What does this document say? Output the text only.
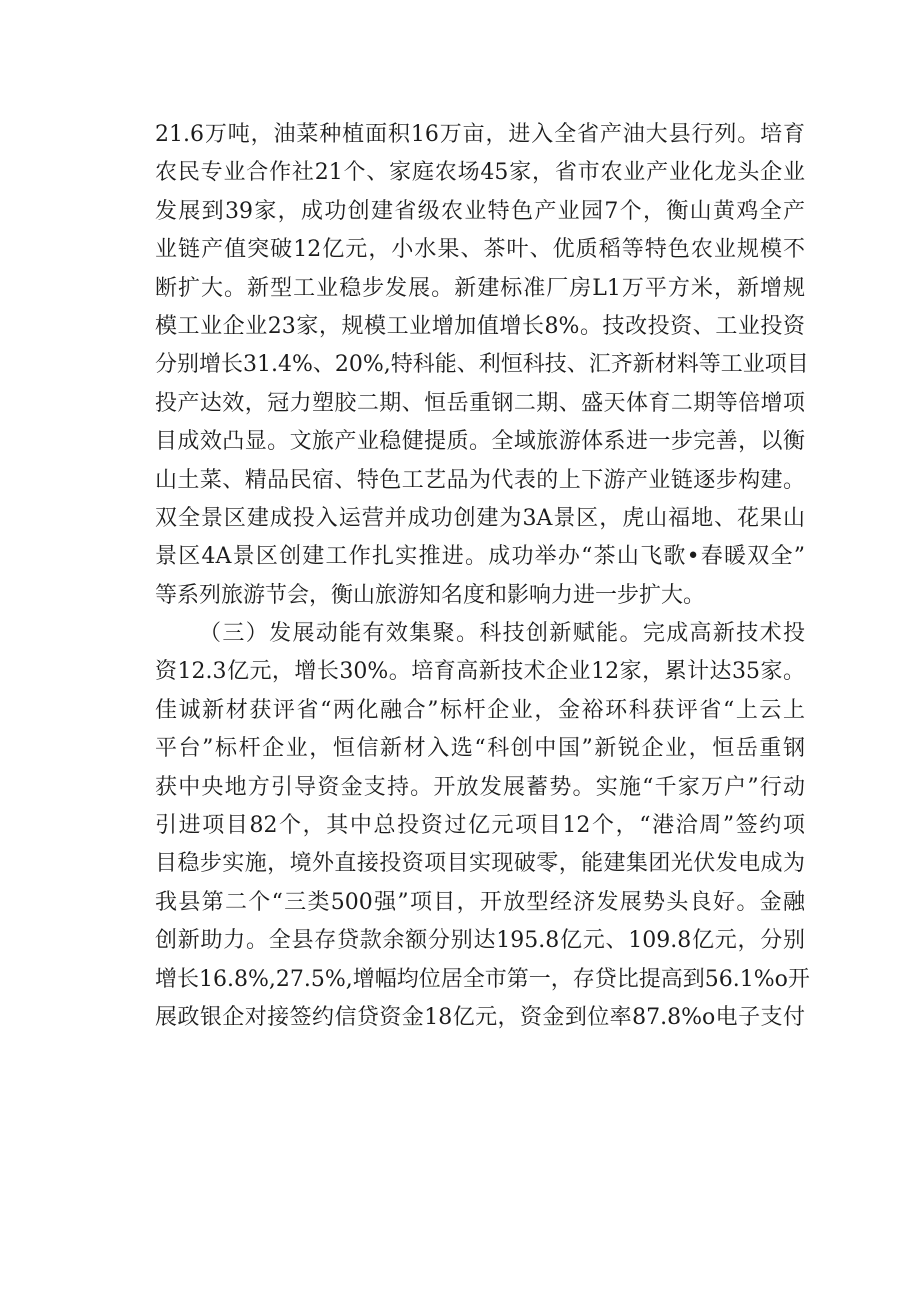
21.6万吨，油菜种植面积16万亩，进入全省产油大县行列。培育
农民专业合作社21个、家庭农场45家，省市农业产业化龙头企业
发展到39家，成功创建省级农业特色产业园7个，衡山黄鸡全产
业链产值突破12亿元，小水果、茶叶、优质稻等特色农业规模不
断扩大。新型工业稳步发展。新建标准厂房L1万平方米，新增规
模工业企业23家，规模工业增加值增长8%。技改投资、工业投资
分别增长31.4%、20%,特科能、利恒科技、汇齐新材料等工业项目
投产达效，冠力塑胶二期、恒岳重钢二期、盛天体育二期等倍增项
目成效凸显。文旅产业稳健提质。全域旅游体系进一步完善，以衡
山土菜、精品民宿、特色工艺品为代表的上下游产业链逐步构建。
双全景区建成投入运营并成功创建为3A景区，虎山福地、花果山
景区4A景区创建工作扎实推进。成功举办“茶山飞歌•春暖双全”
等系列旅游节会，衡山旅游知名度和影响力进一步扩大。
（三）发展动能有效集聚。科技创新赋能。完成高新技术投
资12.3亿元，增长30%。培育高新技术企业12家，累计达35家。
佳诚新材获评省“两化融合”标杆企业，金裕环科获评省“上云上
平台”标杆企业，恒信新材入选“科创中国”新锐企业，恒岳重钢
获中央地方引导资金支持。开放发展蓄势。实施“千家万户”行动
引进项目82个，其中总投资过亿元项目12个，“港洽周”签约项
目稳步实施，境外直接投资项目实现破零，能建集团光伏发电成为
我县第二个“三类500强”项目，开放型经济发展势头良好。金融
创新助力。全县存贷款余额分别达195.8亿元、109.8亿元，分别
增长16.8%,27.5%,增幅均位居全市第一，存贷比提高到56.1%o开
展政银企对接签约信贷资金18亿元，资金到位率87.8%o电子支付
